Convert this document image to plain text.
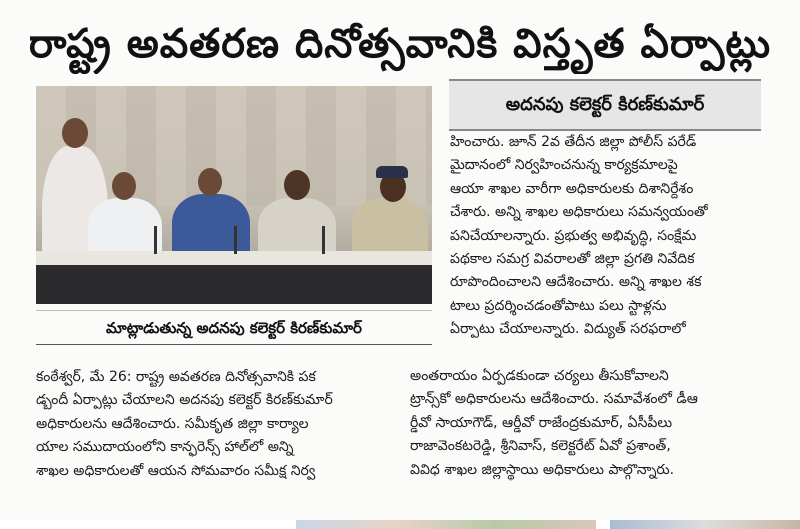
రాష్ట్ర అవతరణ దినోత్సవానికి విస్తృత ఏర్పాట్లు
మాట్లాడుతున్న అదనపు కలెక్టర్ కిరణ్‌కుమార్
అదనపు కలెక్టర్ కిరణ్‌కుమార్
హించారు. జూన్ 2వ తేదీన జిల్లా పోలీస్ పరేడ్
మైదానంలో నిర్వహించనున్న కార్యక్రమాలపై
ఆయా శాఖల వారీగా అధికారులకు దిశానిర్దేశం
చేశారు. అన్ని శాఖల అధికారులు సమన్వయంతో
పనిచేయాలన్నారు. ప్రభుత్వ అభివృద్ధి, సంక్షేమ
పథకాల సమగ్ర వివరాలతో జిల్లా ప్రగతి నివేదిక
రూపొందించాలని ఆదేశించారు. అన్ని శాఖల శక
టాలు ప్రదర్శించడంతోపాటు పలు స్టాళ్లను
ఏర్పాటు చేయాలన్నారు. విద్యుత్ సరఫరాలో
అంతరాయం ఏర్పడకుండా చర్యలు తీసుకోవాలని
ట్రాన్స్‌కో అధికారులను ఆదేశించారు. సమావేశంలో డీఆ
ర్డీవో సాయాగౌడ్, ఆర్డీవో రాజేంద్రకుమార్, ఏసీపీలు
రాజావెంకటరెడ్డి, శ్రీనివాస్, కలెక్టరేట్ ఏవో ప్రశాంత్,
వివిధ శాఖల జిల్లాస్థాయి అధికారులు పాల్గొన్నారు.
కంఠేశ్వర్, మే 26: రాష్ట్ర అవతరణ దినోత్సవానికి పక
డ్బందీ ఏర్పాట్లు చేయాలని అదనపు కలెక్టర్ కిరణ్‌కుమార్
అధికారులను ఆదేశించారు. సమీకృత జిల్లా కార్యాల
యాల సముదాయంలోని కాన్ఫరెన్స్ హాల్‌లో అన్ని
శాఖల అధికారులతో ఆయన సోమవారం సమీక్ష నిర్వ
